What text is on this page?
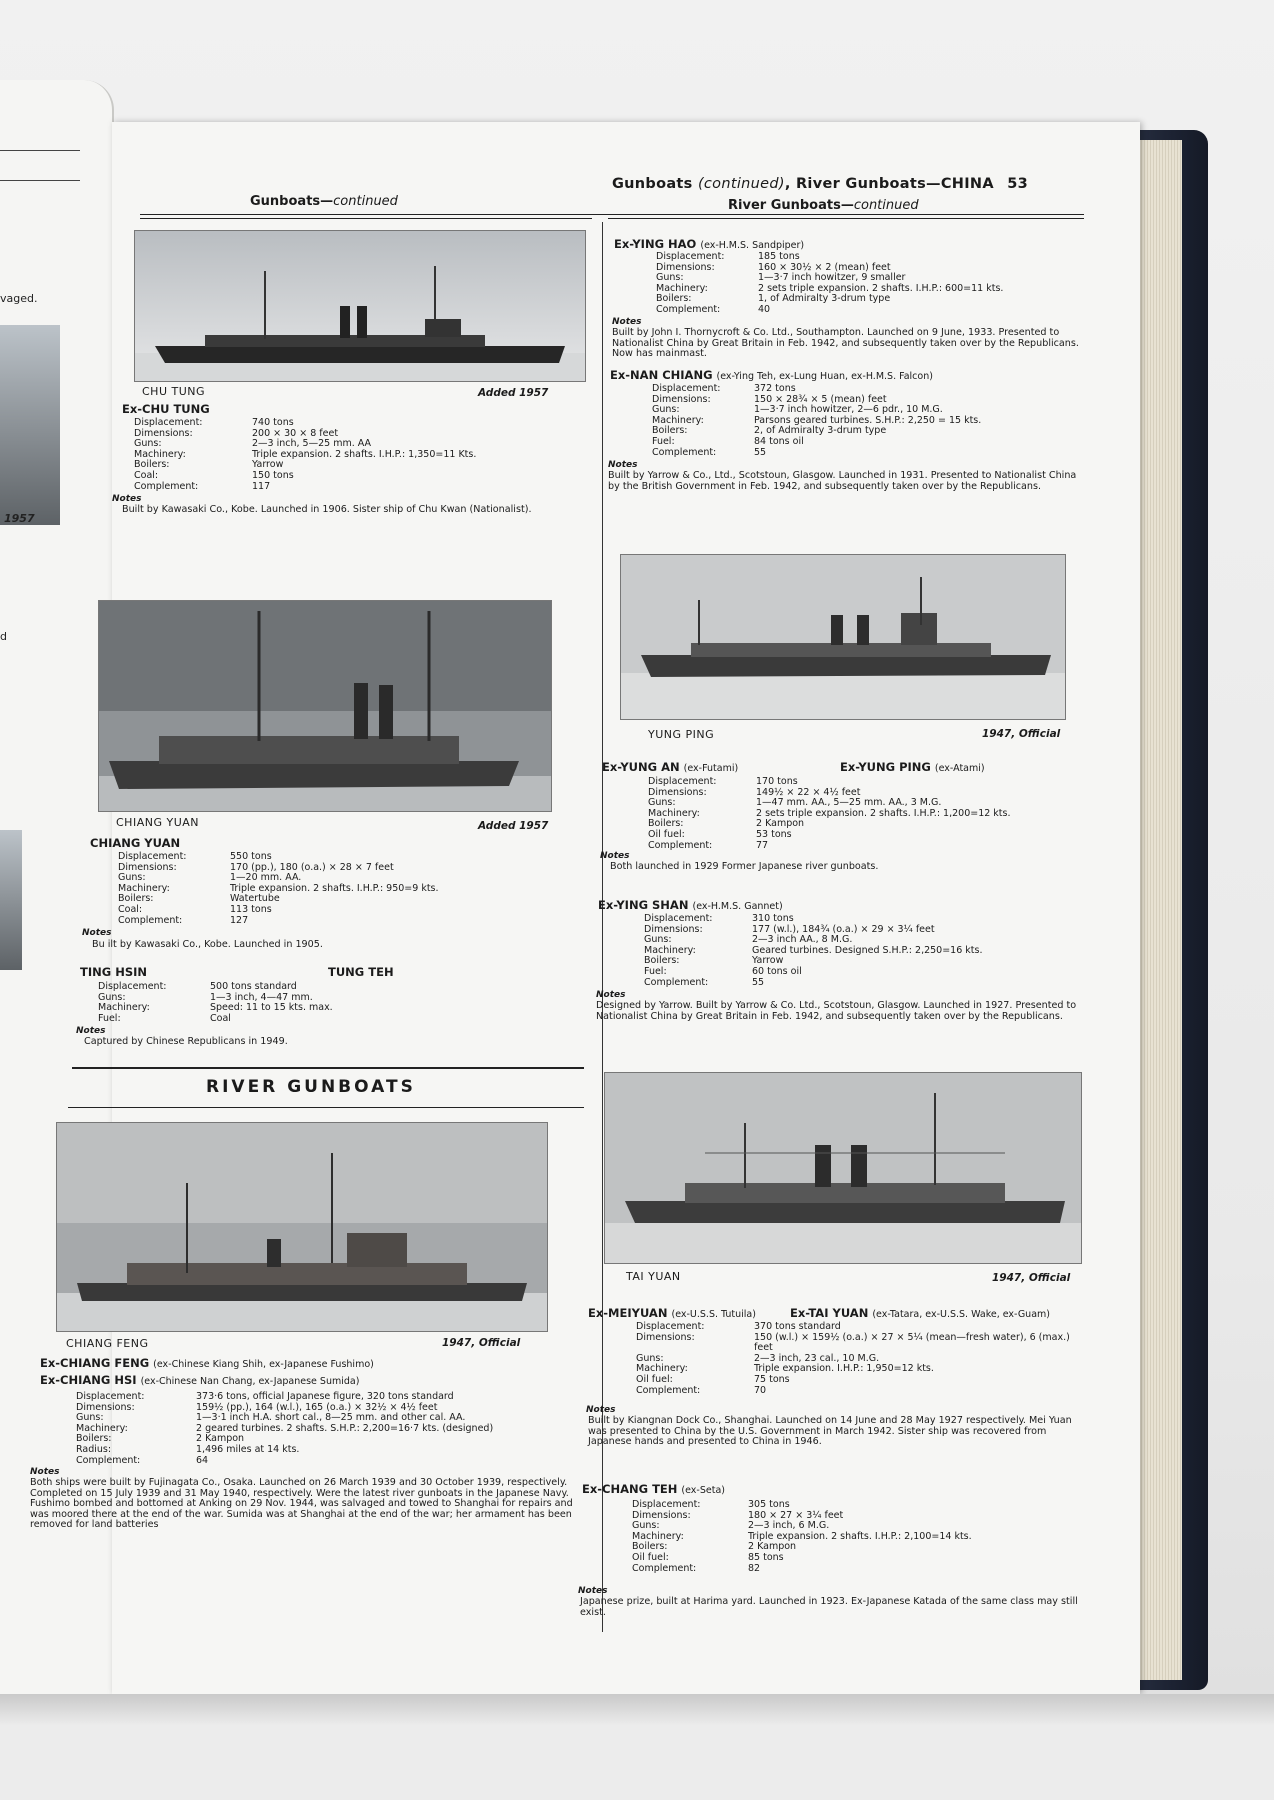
vaged.
1957
d
Gunboats (continued), River Gunboats—CHINA 53
Gunboats—continued
CHU TUNG	Added 1957
Ex-CHU TUNG
Displacement:	740 tons
Dimensions:	200 × 30 × 8 feet
Guns:	2—3 inch, 5—25 mm. AA
Machinery:	Triple expansion. 2 shafts. I.H.P.: 1,350=11 Kts.
Boilers:	Yarrow
Coal:	150 tons
Complement:	117
Notes
Built by Kawasaki Co., Kobe. Launched in 1906. Sister ship of Chu Kwan (Nationalist).
CHIANG YUAN	Added 1957
CHIANG YUAN
Displacement:	550 tons
Dimensions:	170 (pp.), 180 (o.a.) × 28 × 7 feet
Guns:	1—20 mm. AA.
Machinery:	Triple expansion. 2 shafts. I.H.P.: 950=9 kts.
Boilers:	Watertube
Coal:	113 tons
Complement:	127
Notes
Bu ilt by Kawasaki Co., Kobe. Launched in 1905.
TING HSIN	TUNG TEH
Displacement:	500 tons standard
Guns:	1—3 inch, 4—47 mm.
Machinery:	Speed: 11 to 15 kts. max.
Fuel:	Coal
Notes
Captured by Chinese Republicans in 1949.
RIVER GUNBOATS
CHIANG FENG	1947, Official
Ex-CHIANG FENG (ex-Chinese Kiang Shih, ex-Japanese Fushimo)
Ex-CHIANG HSI (ex-Chinese Nan Chang, ex-Japanese Sumida)
Displacement:	373·6 tons, official Japanese figure, 320 tons standard
Dimensions:	159½ (pp.), 164 (w.l.), 165 (o.a.) × 32½ × 4½ feet
Guns:	1—3·1 inch H.A. short cal., 8—25 mm. and other cal. AA.
Machinery:	2 geared turbines. 2 shafts. S.H.P.: 2,200=16·7 kts. (designed)
Boilers:	2 Kampon
Radius:	1,496 miles at 14 kts.
Complement:	64
Notes
Both ships were built by Fujinagata Co., Osaka. Launched on 26 March 1939 and 30 October 1939, respectively. Completed on 15 July 1939 and 31 May 1940, respectively. Were the latest river gunboats in the Japanese Navy. Fushimo bombed and bottomed at Anking on 29 Nov. 1944, was salvaged and towed to Shanghai for repairs and was moored there at the end of the war. Sumida was at Shanghai at the end of the war; her armament has been removed for land batteries
River Gunboats—continued
Ex-YING HAO (ex-H.M.S. Sandpiper)
Displacement:	185 tons
Dimensions:	160 × 30½ × 2 (mean) feet
Guns:	1—3·7 inch howitzer, 9 smaller
Machinery:	2 sets triple expansion. 2 shafts. I.H.P.: 600=11 kts.
Boilers:	1, of Admiralty 3-drum type
Complement:	40
Notes
Built by John I. Thornycroft & Co. Ltd., Southampton. Launched on 9 June, 1933. Presented to Nationalist China by Great Britain in Feb. 1942, and subsequently taken over by the Republicans. Now has mainmast.
Ex-NAN CHIANG (ex-Ying Teh, ex-Lung Huan, ex-H.M.S. Falcon)
Displacement:	372 tons
Dimensions:	150 × 28¾ × 5 (mean) feet
Guns:	1—3·7 inch howitzer, 2—6 pdr., 10 M.G.
Machinery:	Parsons geared turbines. S.H.P.: 2,250 = 15 kts.
Boilers:	2, of Admiralty 3-drum type
Fuel:	84 tons oil
Complement:	55
Notes
Built by Yarrow & Co., Ltd., Scotstoun, Glasgow. Launched in 1931. Presented to Nationalist China by the British Government in Feb. 1942, and subsequently taken over by the Republicans.
YUNG PING	1947, Official
Ex-YUNG AN (ex-Futami)	Ex-YUNG PING (ex-Atami)
Displacement:	170 tons
Dimensions:	149½ × 22 × 4½ feet
Guns:	1—47 mm. AA., 5—25 mm. AA., 3 M.G.
Machinery:	2 sets triple expansion. 2 shafts. I.H.P.: 1,200=12 kts.
Boilers:	2 Kampon
Oil fuel:	53 tons
Complement:	77
Notes
Both launched in 1929 Former Japanese river gunboats.
Ex-YING SHAN (ex-H.M.S. Gannet)
Displacement:	310 tons
Dimensions:	177 (w.l.), 184¾ (o.a.) × 29 × 3¼ feet
Guns:	2—3 inch AA., 8 M.G.
Machinery:	Geared turbines. Designed S.H.P.: 2,250=16 kts.
Boilers:	Yarrow
Fuel:	60 tons oil
Complement:	55
Notes
Designed by Yarrow. Built by Yarrow & Co. Ltd., Scotstoun, Glasgow. Launched in 1927. Presented to Nationalist China by Great Britain in Feb. 1942, and subsequently taken over by the Republicans.
TAI YUAN	1947, Official
Ex-MEIYUAN (ex-U.S.S. Tutuila)	Ex-TAI YUAN (ex-Tatara, ex-U.S.S. Wake, ex-Guam)
Displacement:	370 tons standard
Dimensions:	150 (w.l.) × 159½ (o.a.) × 27 × 5¼ (mean—fresh water), 6 (max.) feet
Guns:	2—3 inch, 23 cal., 10 M.G.
Machinery:	Triple expansion. I.H.P.: 1,950=12 kts.
Oil fuel:	75 tons
Complement:	70
Notes
Built by Kiangnan Dock Co., Shanghai. Launched on 14 June and 28 May 1927 respectively. Mei Yuan was presented to China by the U.S. Government in March 1942. Sister ship was recovered from Japanese hands and presented to China in 1946.
Ex-CHANG TEH (ex-Seta)
Displacement:	305 tons
Dimensions:	180 × 27 × 3¼ feet
Guns:	2—3 inch, 6 M.G.
Machinery:	Triple expansion. 2 shafts. I.H.P.: 2,100=14 kts.
Boilers:	2 Kampon
Oil fuel:	85 tons
Complement:	82
Notes
Japanese prize, built at Harima yard. Launched in 1923. Ex-Japanese Katada of the same class may still exist.
